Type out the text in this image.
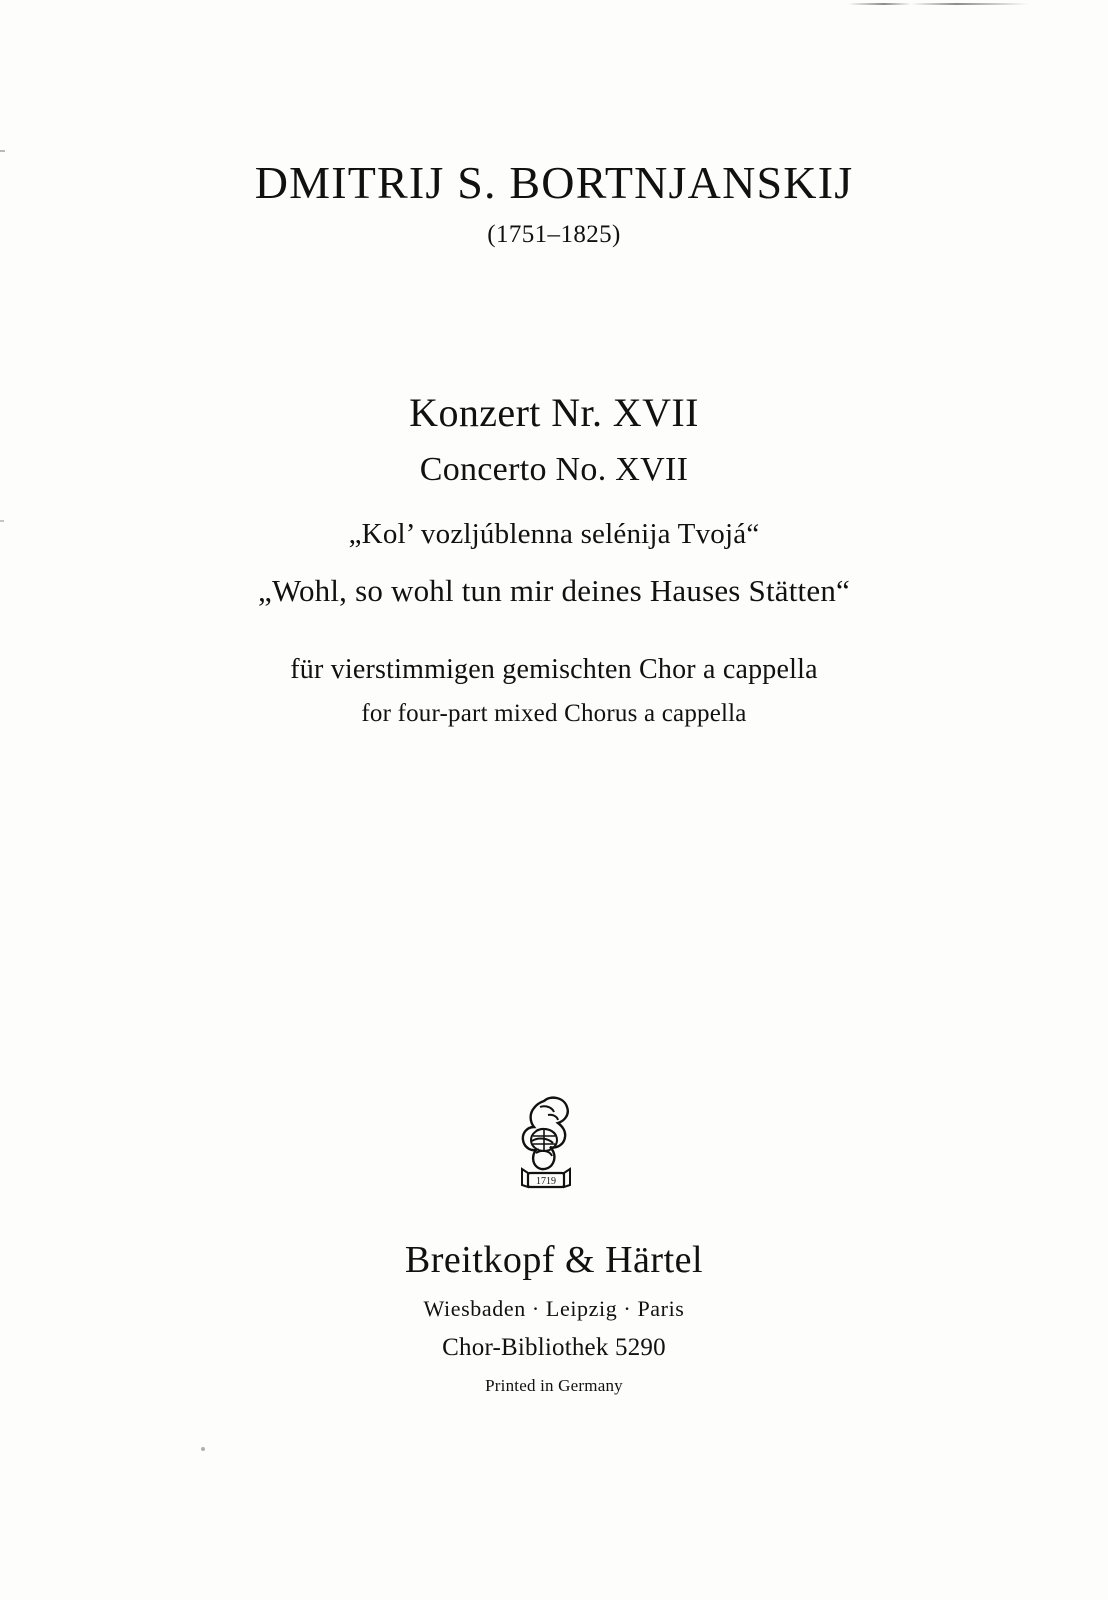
DMITRIJ S. BORTNJANSKIJ
(1751–1825)
Konzert Nr. XVII
Concerto No. XVII
„Kol’ vozljúblenna selénija Tvojá“
„Wohl, so wohl tun mir deines Hauses Stätten“
für vierstimmigen gemischten Chor a cappella
for four-part mixed Chorus a cappella
1719
Breitkopf & Härtel
Wiesbaden · Leipzig · Paris
Chor-Bibliothek 5290
Printed in Germany
